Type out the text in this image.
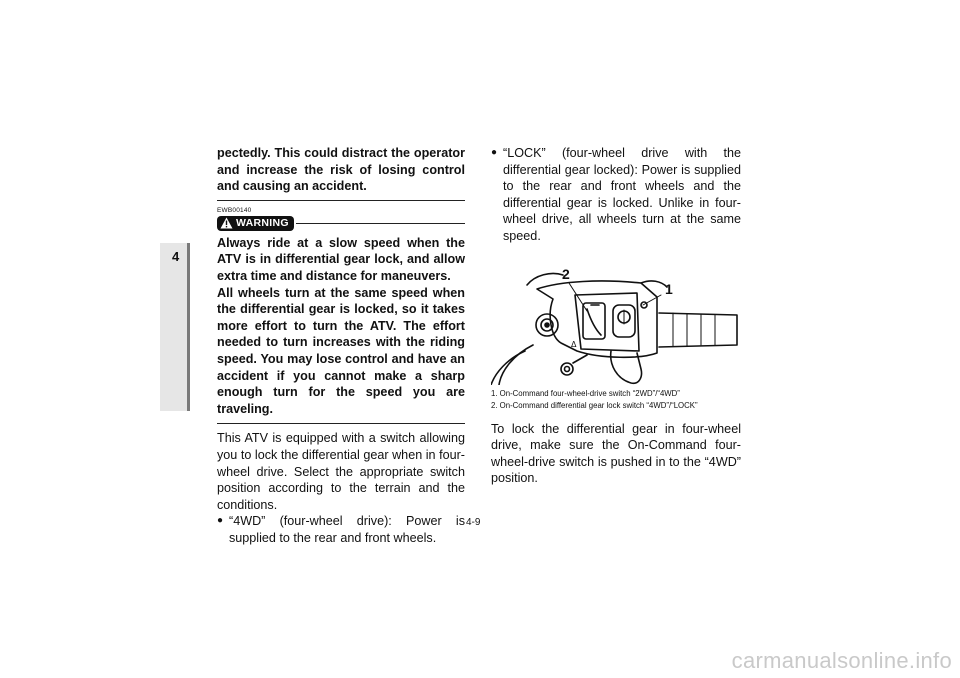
4

pectedly. This could distract the operator and increase the risk of losing control and causing an accident.

EWB00140
WARNING

Always ride at a slow speed when the ATV is in differential gear lock, and allow extra time and distance for maneuvers.

All wheels turn at the same speed when the differential gear is locked, so it takes more effort to turn the ATV. The effort needed to turn increases with the riding speed. You may lose control and have an accident if you cannot make a sharp enough turn for the speed you are traveling.

This ATV is equipped with a switch allowing you to lock the differential gear when in four-wheel drive. Select the appropriate switch position according to the terrain and the conditions.

● “4WD” (four-wheel drive): Power is supplied to the rear and front wheels.
● “LOCK” (four-wheel drive with the differential gear locked): Power is supplied to the rear and front wheels and the differential gear is locked. Unlike in four-wheel drive, all wheels turn at the same speed.
2
1
Δ
1. On-Command four-wheel-drive switch “2WD”/“4WD”
2. On-Command differential gear lock switch “4WD”/“LOCK”

To lock the differential gear in four-wheel drive, make sure the On-Command four-wheel-drive switch is pushed in to the “4WD” position.

4-9
carmanualsonline.info
